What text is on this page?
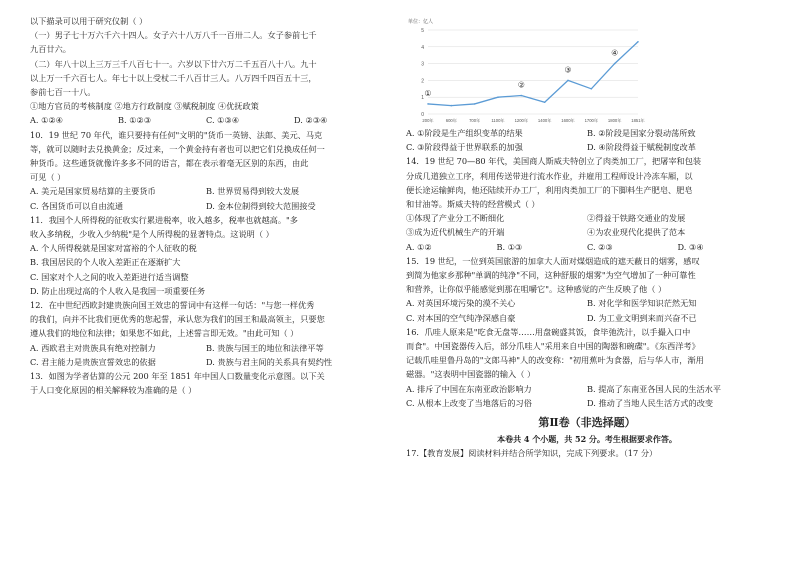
以下描录可以用于研究仪制（ ）
（一）男子七十万六千六十四人。女子六十八万八千一百卅二人。女子参前七千
九百廿六。
（二）年八十以上三万三千八百七十一。六岁以下廿六万二千五百八十八。九十
以上万一千六百七人。年七十以上受杖二千八百廿三人。八万四千四百五十三，
参前七百一十八。
①地方官员的考核制度 ②地方行政制度 ③赋税制度 ④优抚政策
A. ①②④	B. ①②③	C. ①③④	D. ②③④
10．19 世纪 70 年代，谁只要持有任何"文明的"货币一英镑、法郎、美元、马克
等，就可以随时去兑换黄金；反过来，一个黄金持有者也可以把它们兑换成任何一
种货币。这些通货就像许多多不同的语言，都在表示着毫无区别的东西，由此
可见（ ）
A. 美元是国家贸易结算的主要货币	B. 世界贸易得到较大发展
C. 各国货币可以自由流通	D. 金本位制得到较大范围接受
11．我国个人所得税的征收实行累进税率，收入越多，税率也就越高。"多
收入多纳税，少收入少纳税"是个人所得税的显著特点。这说明（ ）
A. 个人所得税就是国家对富裕的个人征收的税
B. 我国居民的个人收入差距正在逐渐扩大
C. 国家对个人之间的收入差距进行适当调整
D. 防止出现过高的个人收入是我国一项重要任务
12．在中世纪西欧封建贵族向国王效忠的誓词中有这样一句话："与您一样优秀
的我们，向并不比我们更优秀的您起誓，承认您为我们的国王和最高领主，只要您
遵从我们的地位和法律；如果您不如此，上述誓言即无效。"由此可知（ ）
A. 西欧君主对贵族具有绝对控制力	B. 贵族与国王的地位和法律平等
C. 君主能力是贵族宣誓效忠的依据	D. 贵族与君主间的关系具有契约性
13．如图为学者估算的公元 200 年至 1851 年中国人口数量变化示意图。以下关
于人口变化原因的相关解释较为准确的是（ ）
单位：亿人
0
1
2
3
4
5
200年	600年	700年	1100年 1200年 1400年 1600年 1700年 1800年 1851年
①
②
③
④
A. ①阶段是生产组织变革的结果	B. ②阶段是国家分裂动荡所致
C. ③阶段得益于世界联系的加强	D. ④阶段得益于赋税制度改革
14．19 世纪 70—80 年代，美国商人斯威夫特创立了肉类加工厂，把屠宰和包装
分成几道独立工序，利用传送带进行流水作业，并雇用工程师设计冷冻车厢，以
便长途运输鲜肉，他还陆续开办工厂，利用肉类加工厂的下脚料生产肥皂、肥皂
和甘油等。斯威夫特的经营模式（ ）
①体现了产业分工不断细化	②得益于铁路交通业的发展
③成为近代机械生产的开端	④为农业现代化提供了范本
A. ①②	B. ①③	C. ②③	D. ③④
15．19 世纪，一位到英国旅游的加拿大人面对煤烟造成的遮天蔽日的烟雾，感叹
到简为他家乡那种"单调的纯净"不同，这种舒服的烟雾"为空气增加了一种可靠性
和营养，让你似乎能感觉到那在咀嚼它"。这种感觉的产生反映了他（ ）
A. 对英国环境污染的漠不关心	B. 对化学和医学知识茫然无知
C. 对本国的空气纯净深感自豪	D. 为工业文明到来而兴奋不已
16．爪哇人原来是"吃食无盘等……用盘碗盛其饭，食毕弛洗汁，以手撮入口中
而食"。中国瓷器传入后，部分爪哇人"采用来自中国的陶器和碗碟"。《东西洋考》
记载爪哇里鲁丹岛的"文郎马神"人的改变称："初用蕉叶为食器，后与华人市，渐用
磁器。"这表明中国瓷器的输入（ ）
A. 排斥了中国在东南亚政治影响力	B. 提高了东南亚各国人民的生活水平
C. 从根本上改变了当地落后的习俗	D. 推动了当地人民生活方式的改变
第Ⅱ卷（非选择题）
本卷共 4 个小题，共 52 分。考生根据要求作答。
17.【教育发展】阅读材料并结合所学知识，完成下列要求。（17 分）
